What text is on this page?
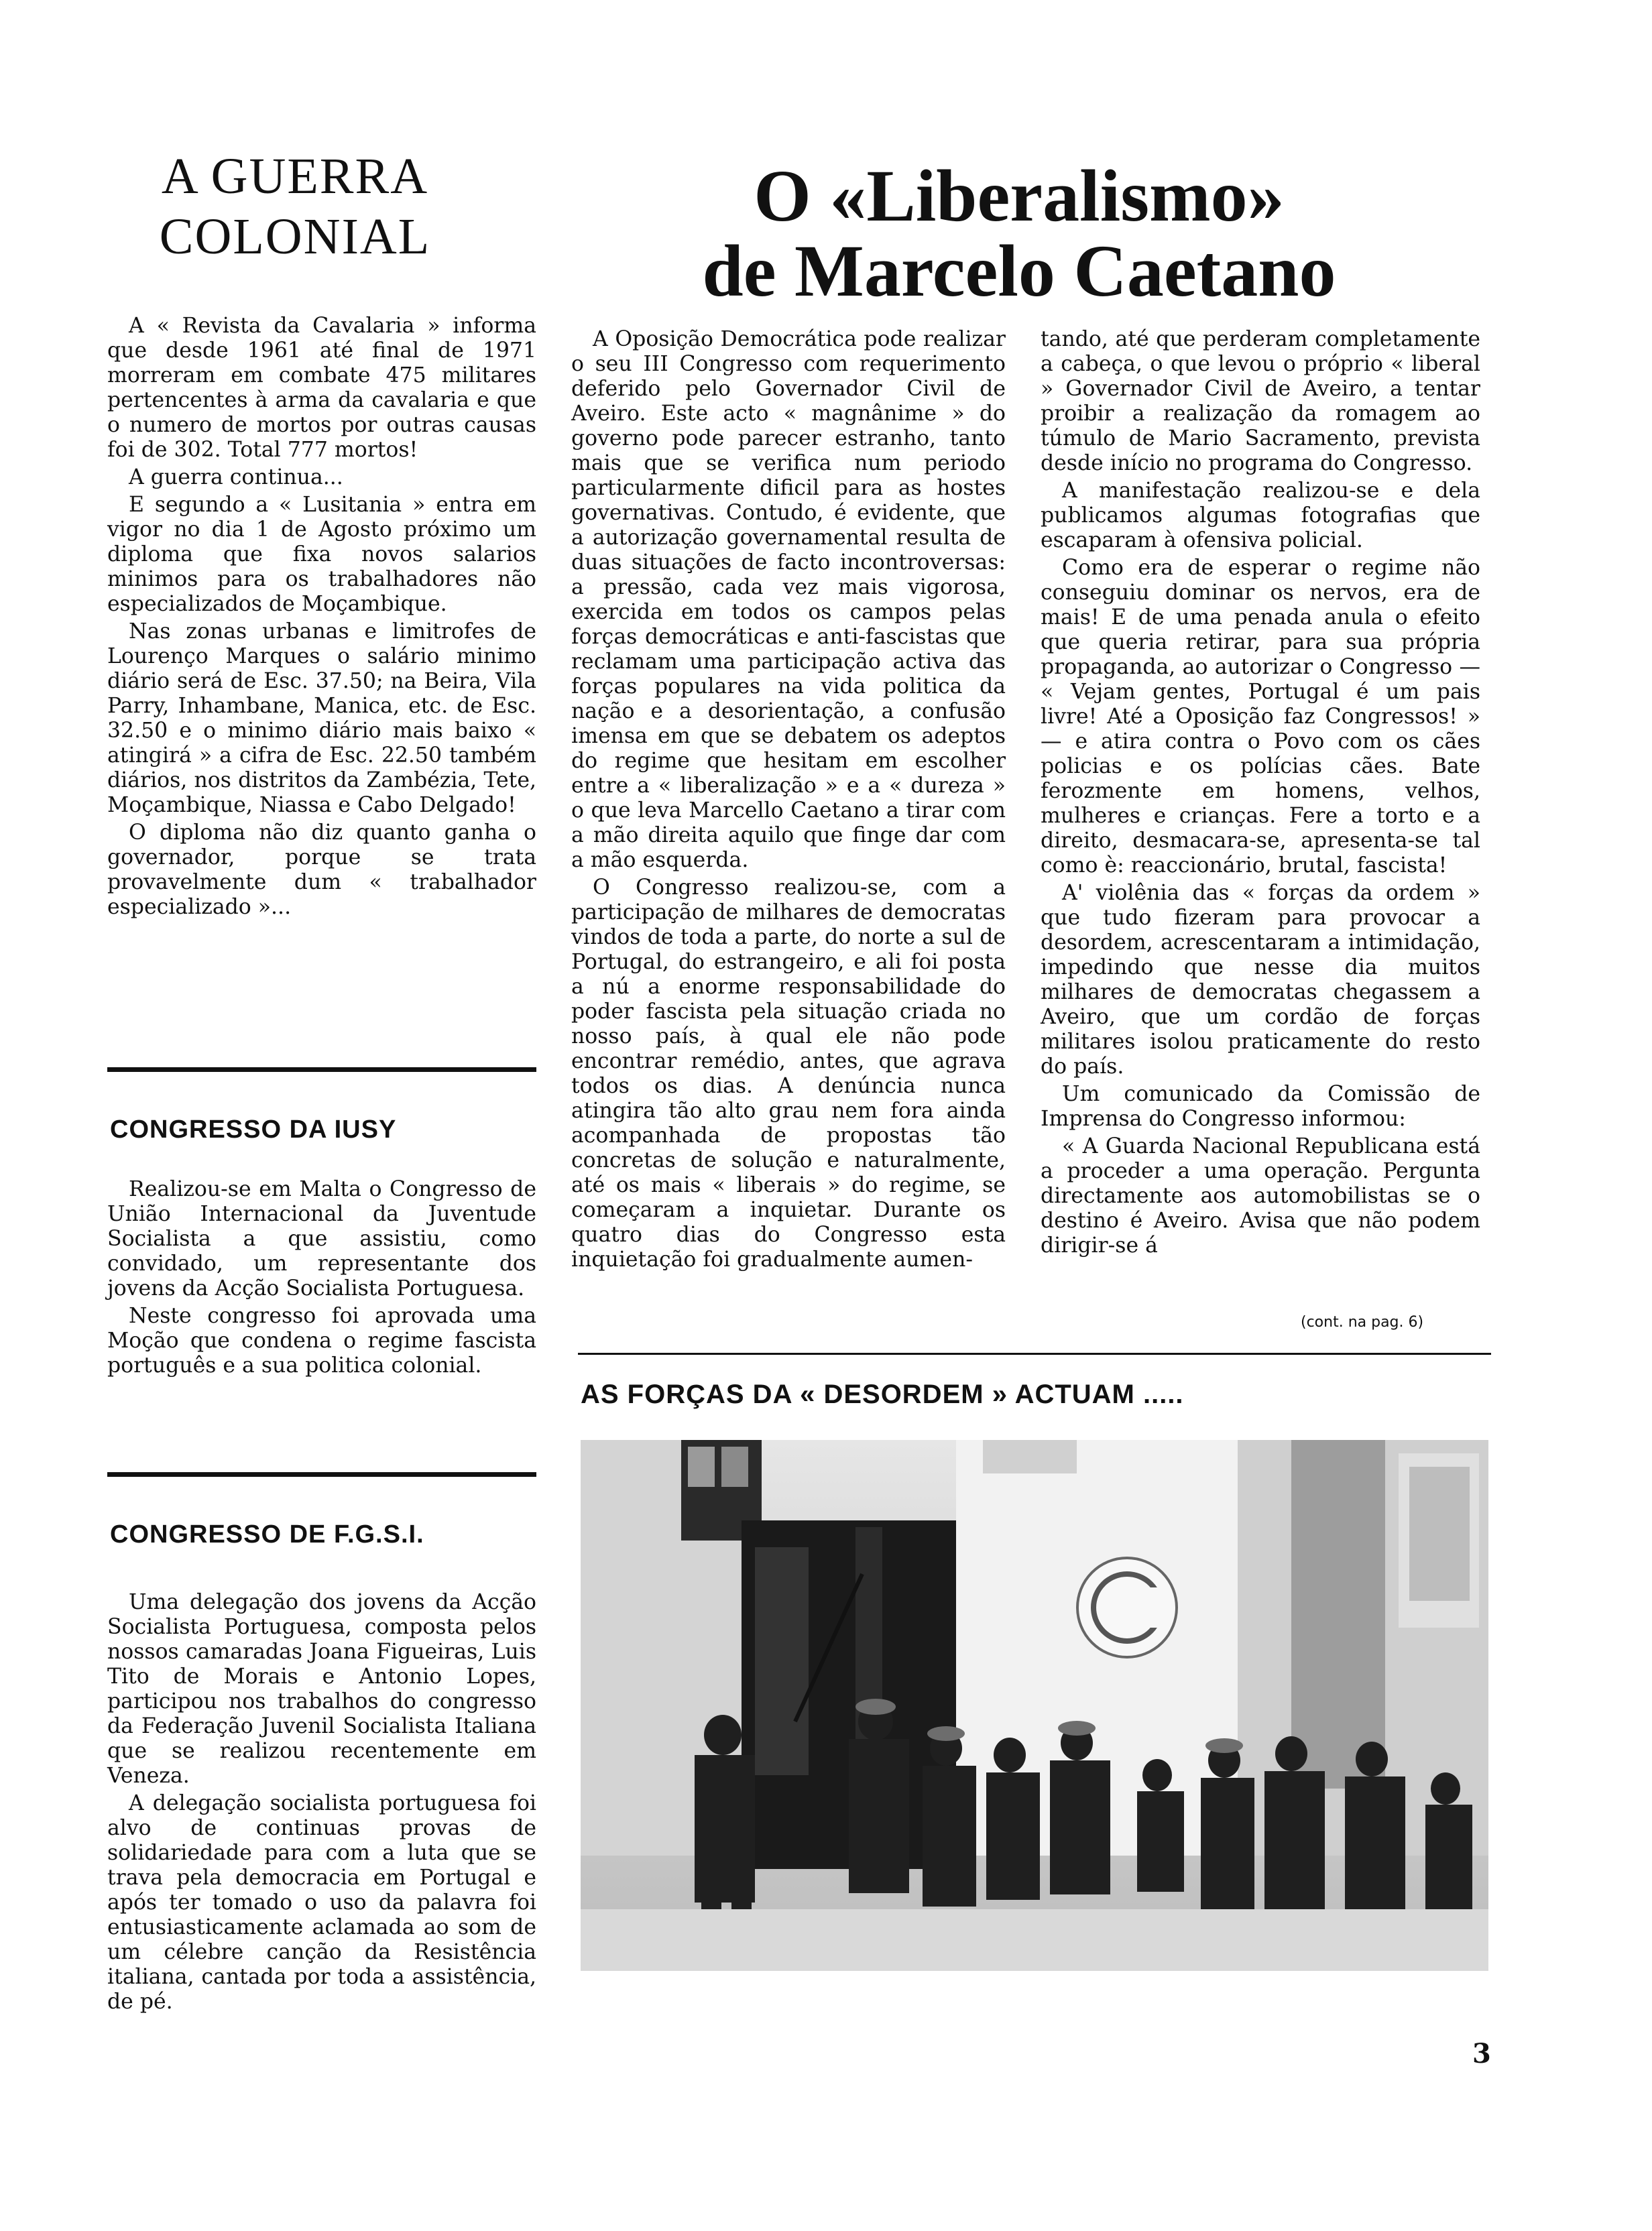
A GUERRA
COLONIAL

A « Revista da Cavalaria » informa que desde 1961 até final de 1971 morreram em combate 475 militares pertencentes à arma da cavalaria e que o numero de mortos por outras causas foi de 302. Total 777 mortos!

A guerra continua...

E segundo a « Lusitania » entra em vigor no dia 1 de Agosto próximo um diploma que fixa novos salarios minimos para os trabalhadores não especializados de Moçambique.

Nas zonas urbanas e limitrofes de Lourenço Marques o salário minimo diário será de Esc. 37.50; na Beira, Vila Parry, Inhambane, Manica, etc. de Esc. 32.50 e o minimo diário mais baixo « atingirá » a cifra de Esc. 22.50 também diários, nos distritos da Zambézia, Tete, Moçambique, Niassa e Cabo Delgado!

O diploma não diz quanto ganha o governador, porque se trata provavelmente dum « trabalhador especializado »...

CONGRESSO DA IUSY

Realizou-se em Malta o Congresso de União Internacional da Juventude Socialista a que assistiu, como convidado, um representante dos jovens da Acção Socialista Portuguesa.

Neste congresso foi aprovada uma Moção que condena o regime fascista português e a sua politica colonial.

CONGRESSO DE F.G.S.I.

Uma delegação dos jovens da Acção Socialista Portuguesa, composta pelos nossos camaradas Joana Figueiras, Luis Tito de Morais e Antonio Lopes, participou nos trabalhos do congresso da Federação Juvenil Socialista Italiana que se realizou recentemente em Veneza.

A delegação socialista portuguesa foi alvo de continuas provas de solidariedade para com a luta que se trava pela democracia em Portugal e após ter tomado o uso da palavra foi entusiasticamente aclamada ao som de um célebre canção da Resistência italiana, cantada por toda a assistência, de pé.

O «Liberalismo»
de Marcelo Caetano

A Oposição Democrática pode realizar o seu III Congresso com requerimento deferido pelo Governador Civil de Aveiro. Este acto « magnânime » do governo pode parecer estranho, tanto mais que se verifica num periodo particularmente dificil para as hostes governativas. Contudo, é evidente, que a autorização governamental resulta de duas situações de facto incontroversas: a pressão, cada vez mais vigorosa, exercida em todos os campos pelas forças democráticas e anti-fascistas que reclamam uma participação activa das forças populares na vida politica da nação e a desorientação, a confusão imensa em que se debatem os adeptos do regime que hesitam em escolher entre a « liberalização » e a « dureza » o que leva Marcello Caetano a tirar com a mão direita aquilo que finge dar com a mão esquerda.

O Congresso realizou-se, com a participação de milhares de democratas vindos de toda a parte, do norte a sul de Portugal, do estrangeiro, e ali foi posta a nú a enorme responsabilidade do poder fascista pela situação criada no nosso país, à qual ele não pode encontrar remédio, antes, que agrava todos os dias. A denúncia nunca atingira tão alto grau nem fora ainda acompanhada de propostas tão concretas de solução e naturalmente, até os mais « liberais » do regime, se começaram a inquietar. Durante os quatro dias do Congresso esta inquietação foi gradualmente aumen-

tando, até que perderam completamente a cabeça, o que levou o próprio « liberal » Governador Civil de Aveiro, a tentar proibir a realização da romagem ao túmulo de Mario Sacramento, prevista desde início no programa do Congresso.

A manifestação realizou-se e dela publicamos algumas fotografias que escaparam à ofensiva policial.

Como era de esperar o regime não conseguiu dominar os nervos, era de mais! E de uma penada anula o efeito que queria retirar, para sua própria propaganda, ao autorizar o Congresso — « Vejam gentes, Portugal é um pais livre! Até a Oposição faz Congressos! » — e atira contra o Povo com os cães policias e os polícias cães. Bate ferozmente em homens, velhos, mulheres e crianças. Fere a torto e a direito, desmacara-se, apresenta-se tal como è: reaccionário, brutal, fascista!

A' violênia das « forças da ordem » que tudo fizeram para provocar a desordem, acrescentaram a intimidação, impedindo que nesse dia muitos milhares de democratas chegassem a Aveiro, que um cordão de forças militares isolou praticamente do resto do país.

Um comunicado da Comissão de Imprensa do Congresso informou:

« A Guarda Nacional Republicana está a proceder a uma operação. Pergunta directamente aos automobilistas se o destino é Aveiro. Avisa que não podem dirigir-se á

(cont. na pag. 6)
AS FORÇAS DA « DESORDEM » ACTUAM .....
3
